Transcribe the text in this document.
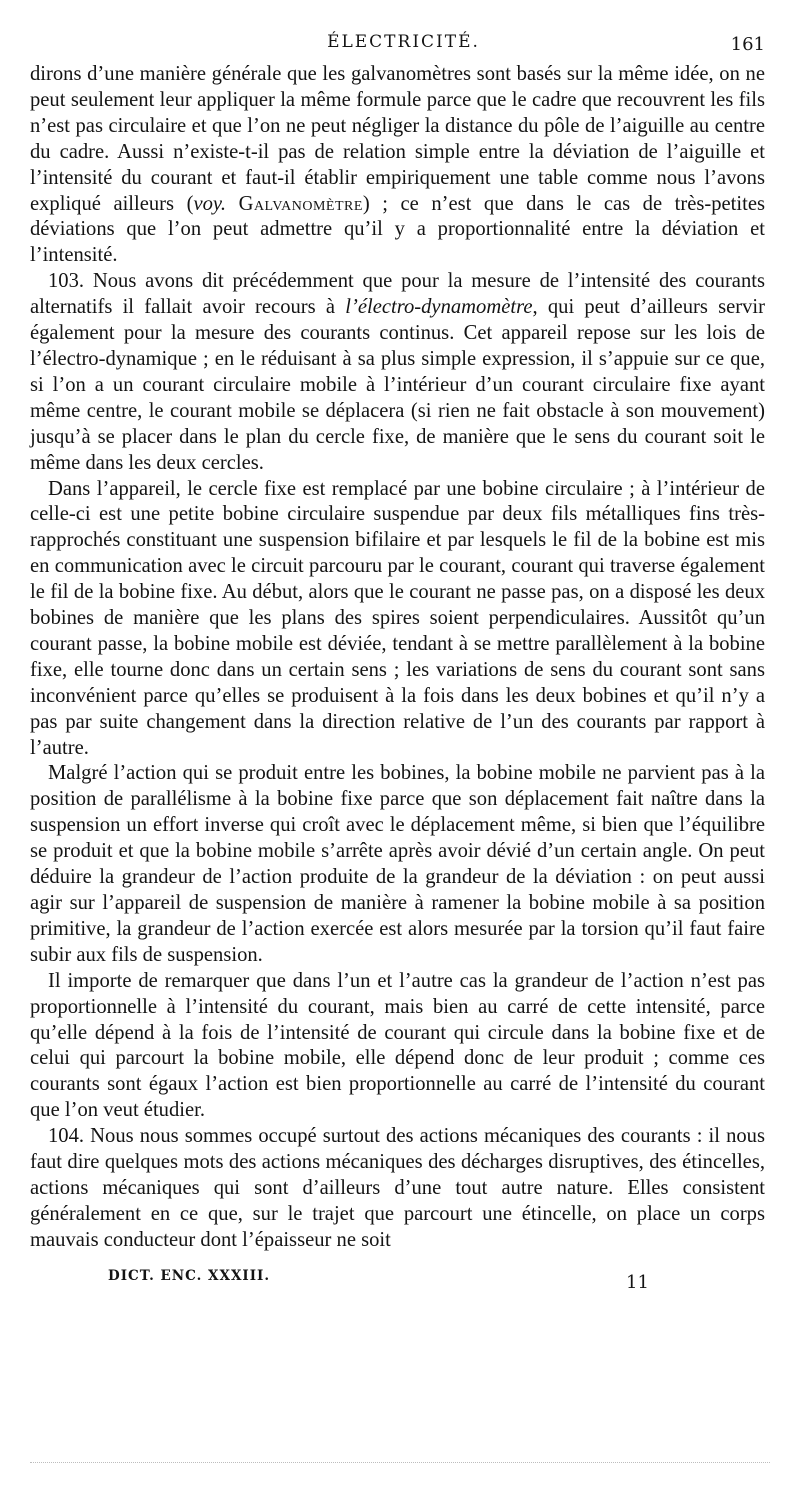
ÉLECTRICITÉ.	161

dirons d’une manière générale que les galvanomètres sont basés sur la même idée, on ne peut seulement leur appliquer la même formule parce que le cadre que recouvrent les fils n’est pas circulaire et que l’on ne peut négliger la distance du pôle de l’aiguille au centre du cadre. Aussi n’existe-t-il pas de relation simple entre la déviation de l’aiguille et l’intensité du courant et faut-il établir empiriquement une table comme nous l’avons expliqué ailleurs (voy. Galvanomètre) ; ce n’est que dans le cas de très-petites déviations que l’on peut admettre qu’il y a proportionnalité entre la déviation et l’intensité.

103. Nous avons dit précédemment que pour la mesure de l’intensité des courants alternatifs il fallait avoir recours à l’électro-dynamomètre, qui peut d’ailleurs servir également pour la mesure des courants continus. Cet appareil repose sur les lois de l’électro-dynamique ; en le réduisant à sa plus simple expression, il s’appuie sur ce que, si l’on a un courant circulaire mobile à l’intérieur d’un courant circulaire fixe ayant même centre, le courant mobile se déplacera (si rien ne fait obstacle à son mouvement) jusqu’à se placer dans le plan du cercle fixe, de manière que le sens du courant soit le même dans les deux cercles.

Dans l’appareil, le cercle fixe est remplacé par une bobine circulaire ; à l’intérieur de celle-ci est une petite bobine circulaire suspendue par deux fils métalliques fins très-rapprochés constituant une suspension bifilaire et par lesquels le fil de la bobine est mis en communication avec le circuit parcouru par le courant, courant qui traverse également le fil de la bobine fixe. Au début, alors que le courant ne passe pas, on a disposé les deux bobines de manière que les plans des spires soient perpendiculaires. Aussitôt qu’un courant passe, la bobine mobile est déviée, tendant à se mettre parallèlement à la bobine fixe, elle tourne donc dans un certain sens ; les variations de sens du courant sont sans inconvénient parce qu’elles se produisent à la fois dans les deux bobines et qu’il n’y a pas par suite changement dans la direction relative de l’un des courants par rapport à l’autre.

Malgré l’action qui se produit entre les bobines, la bobine mobile ne parvient pas à la position de parallélisme à la bobine fixe parce que son déplacement fait naître dans la suspension un effort inverse qui croît avec le déplacement même, si bien que l’équilibre se produit et que la bobine mobile s’arrête après avoir dévié d’un certain angle. On peut déduire la grandeur de l’action produite de la grandeur de la déviation : on peut aussi agir sur l’appareil de suspension de manière à ramener la bobine mobile à sa position primitive, la grandeur de l’action exercée est alors mesurée par la torsion qu’il faut faire subir aux fils de suspension.

Il importe de remarquer que dans l’un et l’autre cas la grandeur de l’action n’est pas proportionnelle à l’intensité du courant, mais bien au carré de cette intensité, parce qu’elle dépend à la fois de l’intensité de courant qui circule dans la bobine fixe et de celui qui parcourt la bobine mobile, elle dépend donc de leur produit ; comme ces courants sont égaux l’action est bien proportionnelle au carré de l’intensité du courant que l’on veut étudier.

104. Nous nous sommes occupé surtout des actions mécaniques des courants : il nous faut dire quelques mots des actions mécaniques des décharges disruptives, des étincelles, actions mécaniques qui sont d’ailleurs d’une tout autre nature. Elles consistent généralement en ce que, sur le trajet que parcourt une étincelle, on place un corps mauvais conducteur dont l’épaisseur ne soit

DICT. ENC. XXXIII.	11
